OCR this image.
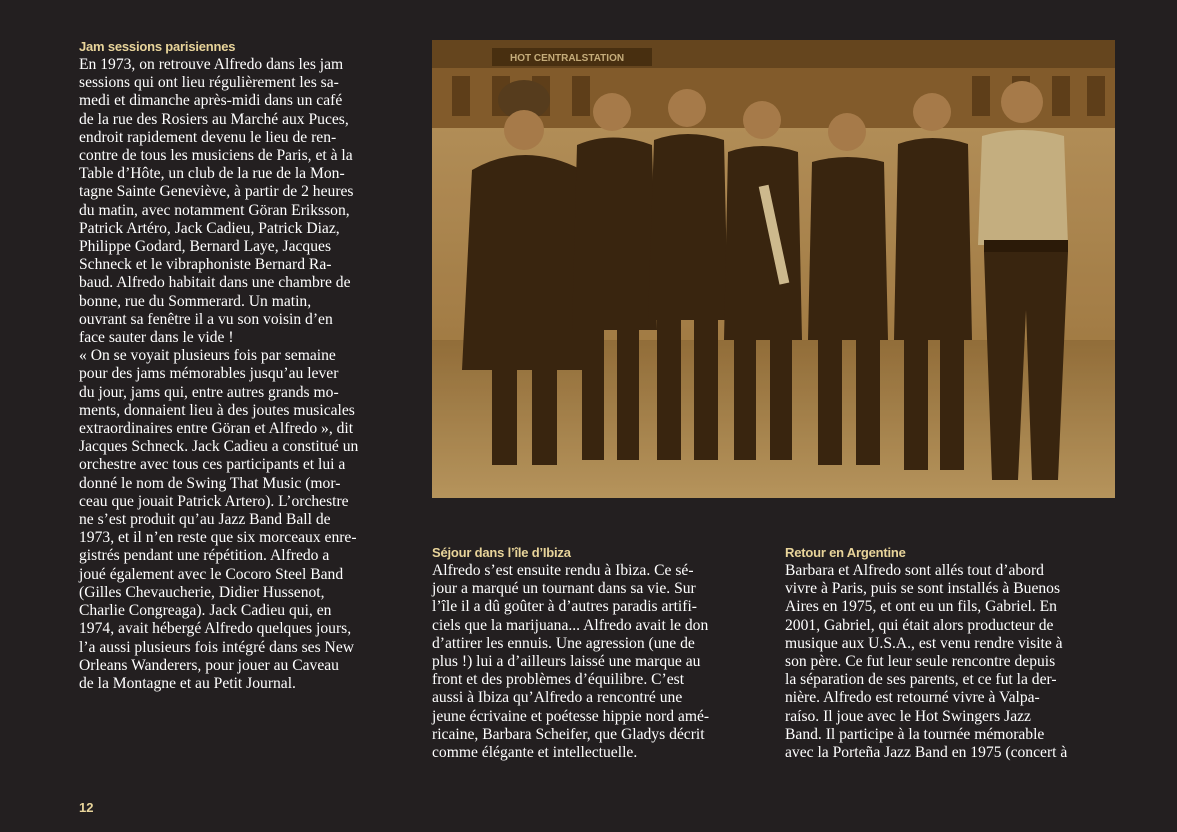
Jam sessions parisiennes
En 1973, on retrouve Alfredo dans les jam
sessions qui ont lieu régulièrement les sa-
medi et dimanche après-midi dans un café
de la rue des Rosiers au Marché aux Puces,
endroit rapidement devenu le lieu de ren-
contre de tous les musiciens de Paris, et à la
Table d’Hôte, un club de la rue de la Mon-
tagne Sainte Geneviève, à partir de 2 heures
du matin, avec notamment Göran Eriksson,
Patrick Artéro, Jack Cadieu, Patrick Diaz,
Philippe Godard, Bernard Laye, Jacques
Schneck et le vibraphoniste Bernard Ra-
baud. Alfredo habitait dans une chambre de
bonne, rue du Sommerard. Un matin,
ouvrant sa fenêtre il a vu son voisin d’en
face sauter dans le vide !
« On se voyait plusieurs fois par semaine
pour des jams mémorables jusqu’au lever
du jour, jams qui, entre autres grands mo-
ments, donnaient lieu à des joutes musicales
extraordinaires entre Göran et Alfredo », dit
Jacques Schneck. Jack Cadieu a constitué un
orchestre avec tous ces participants et lui a
donné le nom de Swing That Music (mor-
ceau que jouait Patrick Artero). L’orchestre
ne s’est produit qu’au Jazz Band Ball de
1973, et il n’en reste que six morceaux enre-
gistrés pendant une répétition. Alfredo a
joué également avec le Cocoro Steel Band
(Gilles Chevaucherie, Didier Hussenot,
Charlie Congreaga). Jack Cadieu qui, en
1974, avait hébergé Alfredo quelques jours,
l’a aussi plusieurs fois intégré dans ses New
Orleans Wanderers, pour jouer au Caveau
de la Montagne et au Petit Journal.
HOT CENTRALSTATION
Séjour dans l’île d’Ibiza
Alfredo s’est ensuite rendu à Ibiza. Ce sé-
jour a marqué un tournant dans sa vie. Sur
l’île il a dû goûter à d’autres paradis artifi-
ciels que la marijuana... Alfredo avait le don
d’attirer les ennuis. Une agression (une de
plus !) lui a d’ailleurs laissé une marque au
front et des problèmes d’équilibre. C’est
aussi à Ibiza qu’Alfredo a rencontré une
jeune écrivaine et poétesse hippie nord amé-
ricaine, Barbara Scheifer, que Gladys décrit
comme élégante et intellectuelle.
Retour en Argentine
Barbara et Alfredo sont allés tout d’abord
vivre à Paris, puis se sont installés à Buenos
Aires en 1975, et ont eu un fils, Gabriel. En
2001, Gabriel, qui était alors producteur de
musique aux U.S.A., est venu rendre visite à
son père. Ce fut leur seule rencontre depuis
la séparation de ses parents, et ce fut la der-
nière. Alfredo est retourné vivre à Valpa-
raíso. Il joue avec le Hot Swingers Jazz
Band. Il participe à la tournée mémorable
avec la Porteña Jazz Band en 1975 (concert à
12
